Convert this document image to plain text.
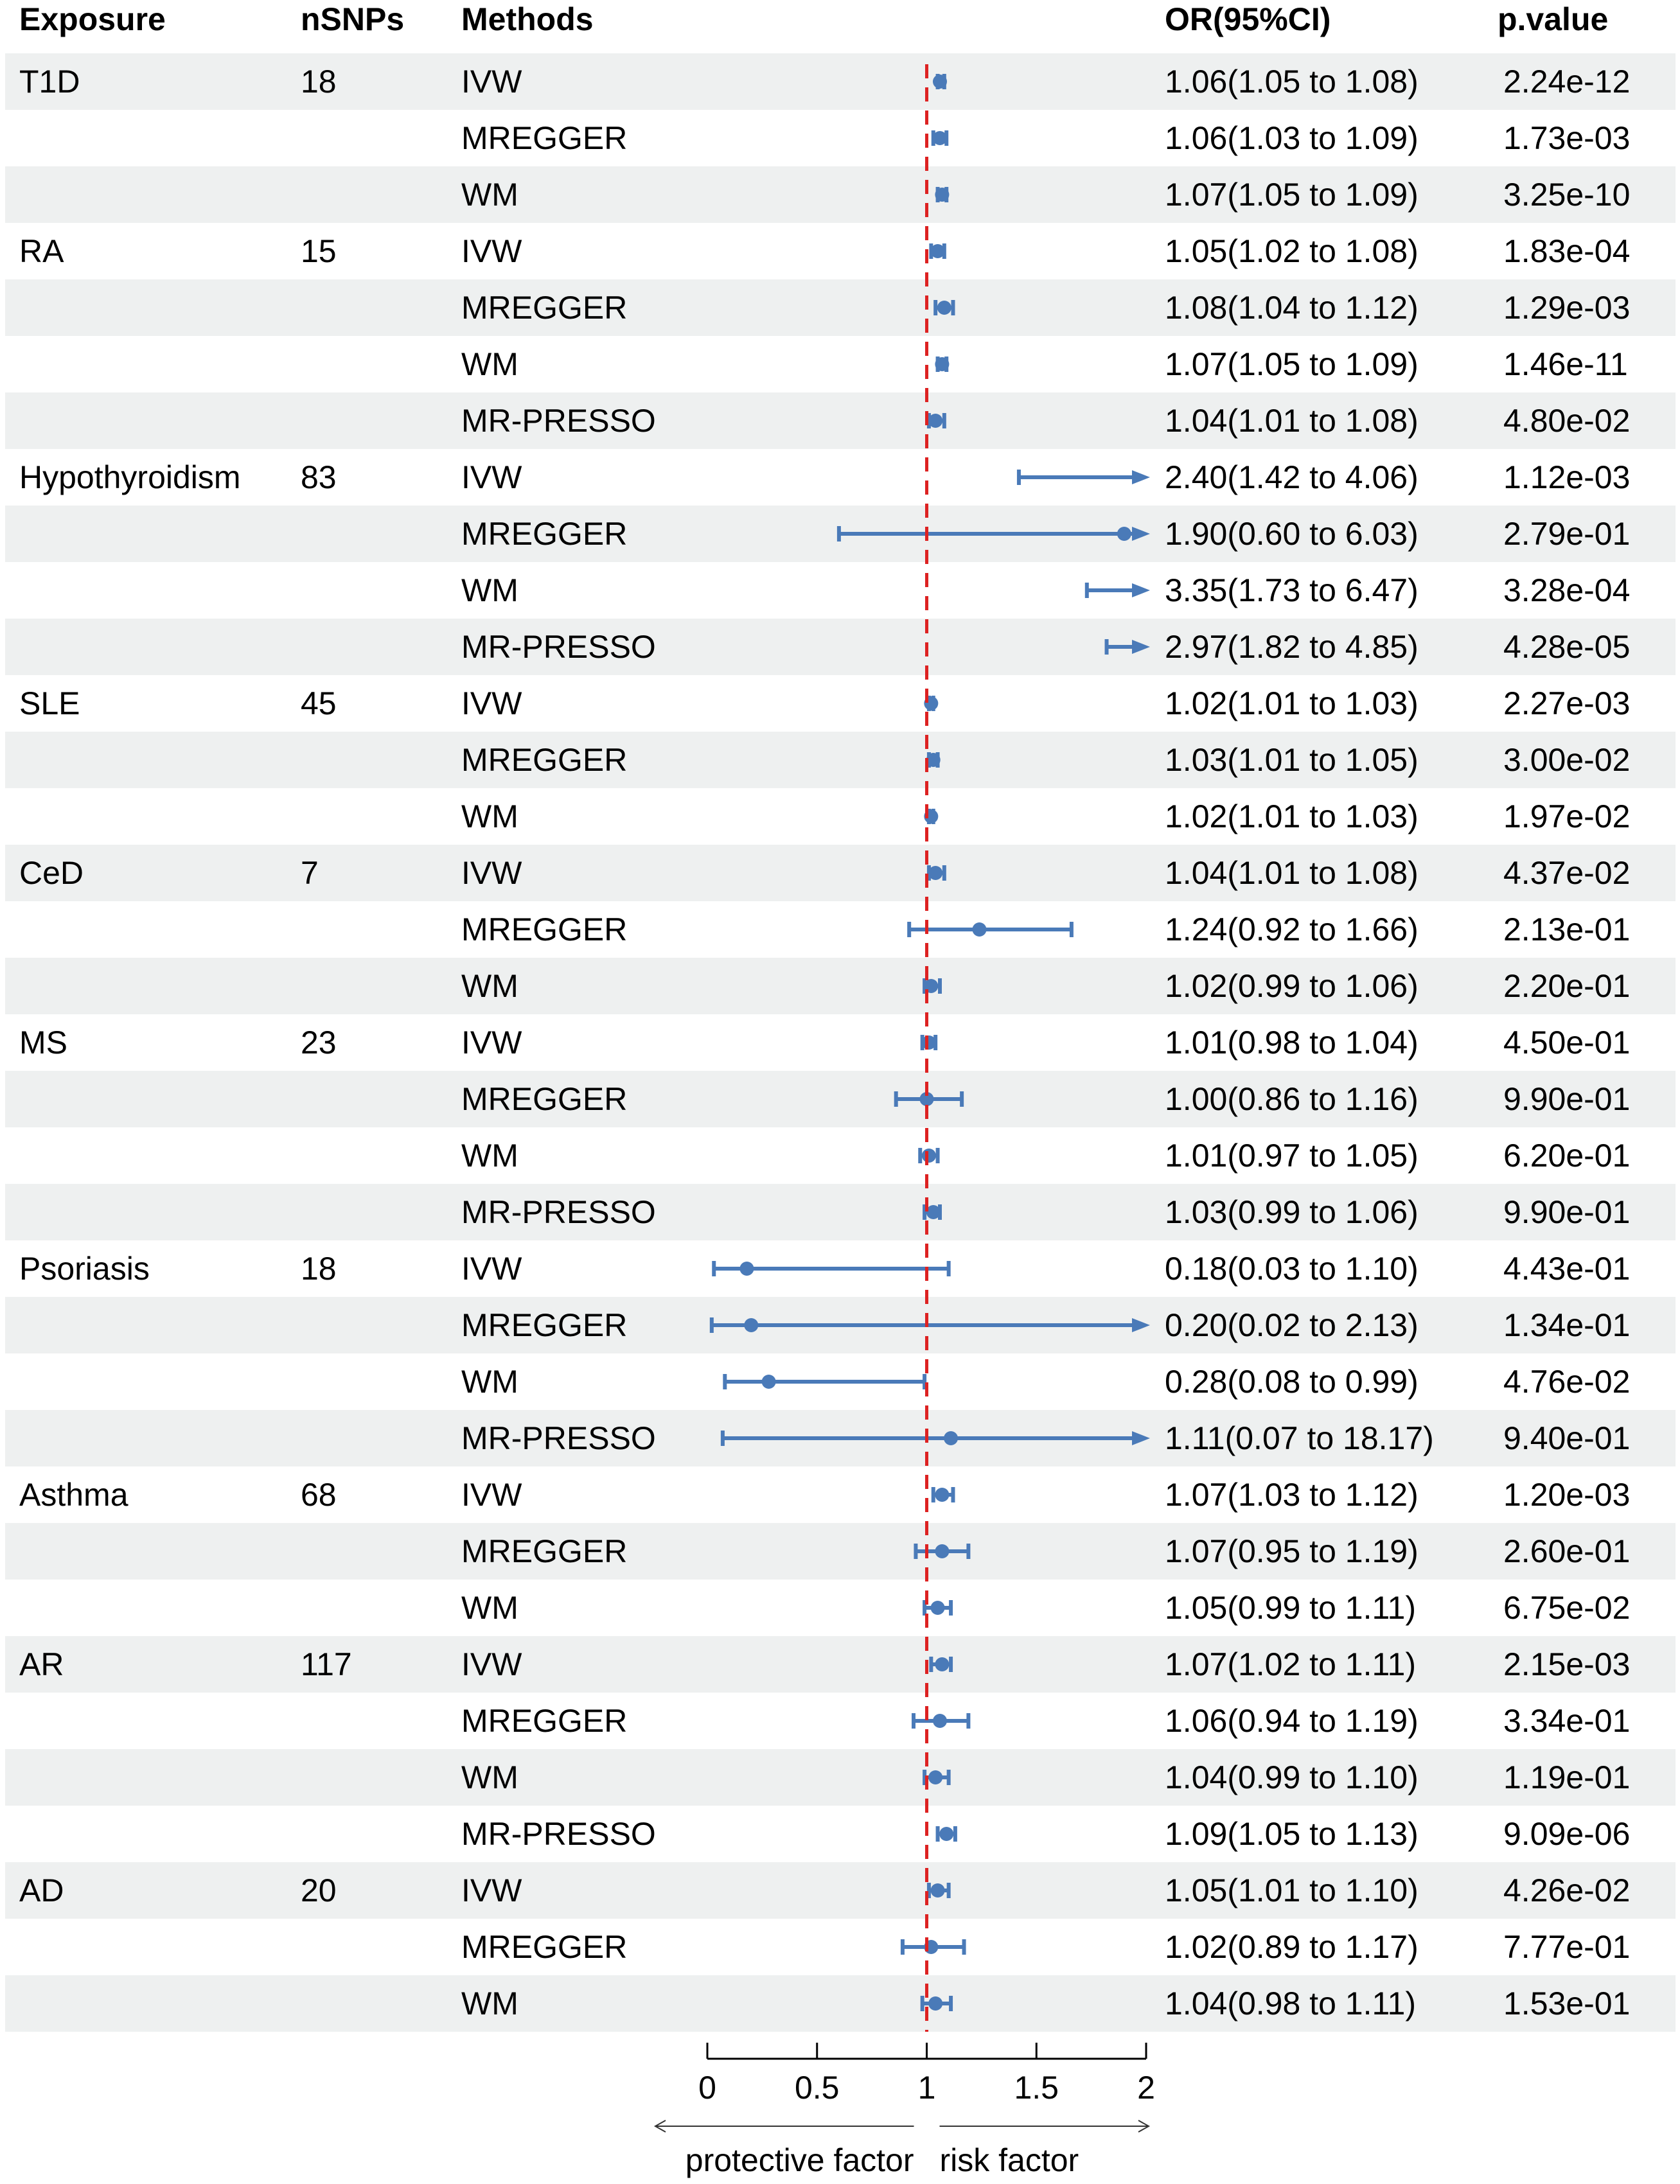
Exposure	nSNPs Methods	OR(95%CI)	p.value
T1D	18	IVW	1.06(1.05 to 1.08)	2.24e-12
MREGGER	1.06(1.03 to 1.09)	1.73e-03
WM	1.07(1.05 to 1.09)	3.25e-10
RA	15	IVW	1.05(1.02 to 1.08)	1.83e-04
MREGGER	1.08(1.04 to 1.12)	1.29e-03
WM	1.07(1.05 to 1.09)	1.46e-11
MR-PRESSO	1.04(1.01 to 1.08)	4.80e-02
Hypothyroidism 83	IVW	2.40(1.42 to 4.06)	1.12e-03
MREGGER	1.90(0.60 to 6.03)	2.79e-01
WM	3.35(1.73 to 6.47)	3.28e-04
MR-PRESSO	2.97(1.82 to 4.85)	4.28e-05
SLE	45	IVW	1.02(1.01 to 1.03)	2.27e-03
MREGGER	1.03(1.01 to 1.05)	3.00e-02
WM	1.02(1.01 to 1.03)	1.97e-02
CeD	7	IVW	1.04(1.01 to 1.08)	4.37e-02
MREGGER	1.24(0.92 to 1.66)	2.13e-01
WM	1.02(0.99 to 1.06)	2.20e-01
MS	23	IVW	1.01(0.98 to 1.04)	4.50e-01
MREGGER	1.00(0.86 to 1.16)	9.90e-01
WM	1.01(0.97 to 1.05)	6.20e-01
MR-PRESSO	1.03(0.99 to 1.06)	9.90e-01
Psoriasis	18	IVW	0.18(0.03 to 1.10)	4.43e-01
MREGGER	0.20(0.02 to 2.13)	1.34e-01
WM	0.28(0.08 to 0.99)	4.76e-02
MR-PRESSO	1.11(0.07 to 18.17) 9.40e-01
Asthma	68	IVW	1.07(1.03 to 1.12)	1.20e-03
MREGGER	1.07(0.95 to 1.19)	2.60e-01
WM	1.05(0.99 to 1.11)	6.75e-02
AR	117	IVW	1.07(1.02 to 1.11)	2.15e-03
MREGGER	1.06(0.94 to 1.19)	3.34e-01
WM	1.04(0.99 to 1.10)	1.19e-01
MR-PRESSO	1.09(1.05 to 1.13)	9.09e-06
AD	20	IVW	1.05(1.01 to 1.10)	4.26e-02
MREGGER	1.02(0.89 to 1.17)	7.77e-01
WM	1.04(0.98 to 1.11)	1.53e-01
0 0.5 1 1.5 2
protective factor risk factor
